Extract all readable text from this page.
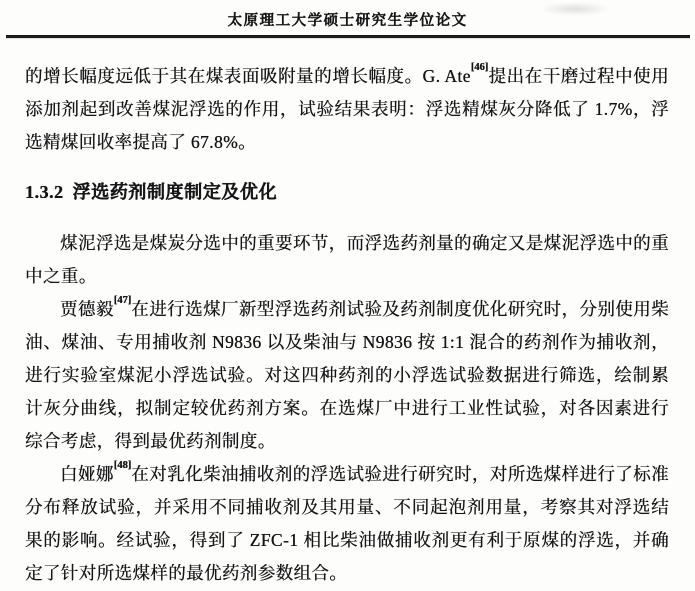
太原理工大学硕士研究生学位论文

的增长幅度远低于其在煤表面吸附量的增长幅度。G. Ate[46]提出在干磨过程中使用添加剂起到改善煤泥浮选的作用，试验结果表明：浮选精煤灰分降低了 1.7%，浮选精煤回收率提高了 67.8%。

1.3.2 浮选药剂制度制定及优化

煤泥浮选是煤炭分选中的重要环节，而浮选药剂量的确定又是煤泥浮选中的重中之重。

贾德毅[47]在进行选煤厂新型浮选药剂试验及药剂制度优化研究时，分别使用柴油、煤油、专用捕收剂 N9836 以及柴油与 N9836 按 1:1 混合的药剂作为捕收剂，进行实验室煤泥小浮选试验。对这四种药剂的小浮选试验数据进行筛选，绘制累计灰分曲线，拟制定较优药剂方案。在选煤厂中进行工业性试验，对各因素进行综合考虑，得到最优药剂制度。

白娅娜[48]在对乳化柴油捕收剂的浮选试验进行研究时，对所选煤样进行了标准分布释放试验，并采用不同捕收剂及其用量、不同起泡剂用量，考察其对浮选结果的影响。经试验，得到了 ZFC-1 相比柴油做捕收剂更有利于原煤的浮选，并确定了针对所选煤样的最优药剂参数组合。
